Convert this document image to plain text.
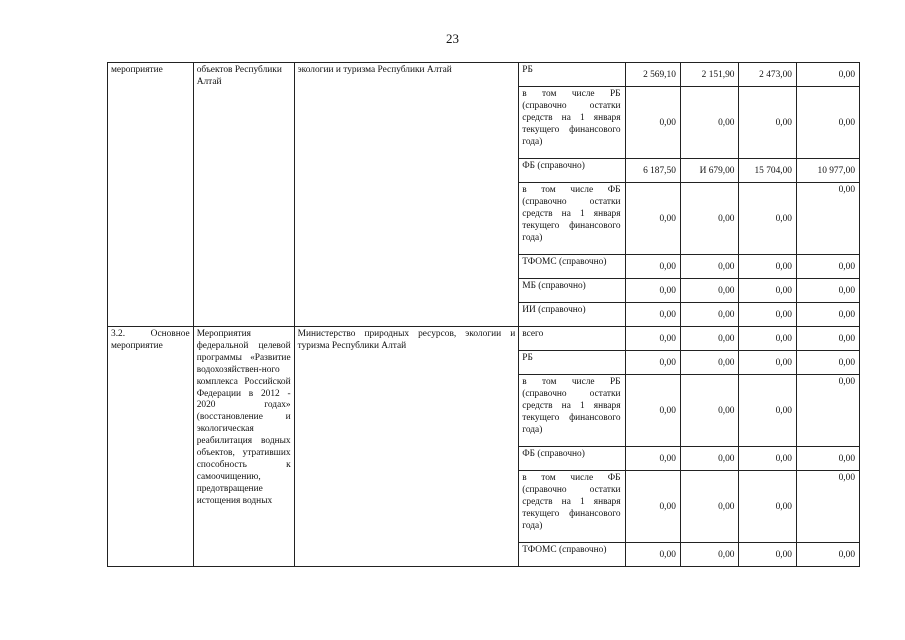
23
мероприятие	объектов Республики Алтай	экологии и туризма Республики Алтай	РБ	2 569,10	2 151,90	2 473,00	0,00
			в том числе РБ (справочно остатки средств на 1 января текущего финансового года)	0,00	0,00	0,00	0,00
			ФБ (справочно)	6 187,50	И 679,00	15 704,00	10 977,00
			в том числе ФБ (справочно остатки средств на 1 января текущего финансового года)	0,00	0,00	0,00	0,00
			ТФОМС (справочно)	0,00	0,00	0,00	0,00
			МБ (справочно)	0,00	0,00	0,00	0,00
			ИИ (справочно)	0,00	0,00	0,00	0,00
3.2. Основное мероприятие	Мероприятия федеральной целевой программы «Развитие водохозяйствен-ного комплекса Российской Федерации в 2012 - 2020 годах» (восстановление и экологическая реабилитация водных объектов, утративших способность к самоочищению, предотвращение истощения водных	Министерство природных ресурсов, экологии и туризма Республики Алтай	всего	0,00	0,00	0,00	0,00
			РБ	0,00	0,00	0,00	0,00
			в том числе РБ (справочно остатки средств на 1 января текущего финансового года)	0,00	0,00	0,00	0,00
			ФБ (справочно)	0,00	0,00	0,00	0,00
			в том числе ФБ (справочно остатки средств на 1 января текущего финансового года)	0,00	0,00	0,00	0,00
			ТФОМС (справочно)	0,00	0,00	0,00	0,00
